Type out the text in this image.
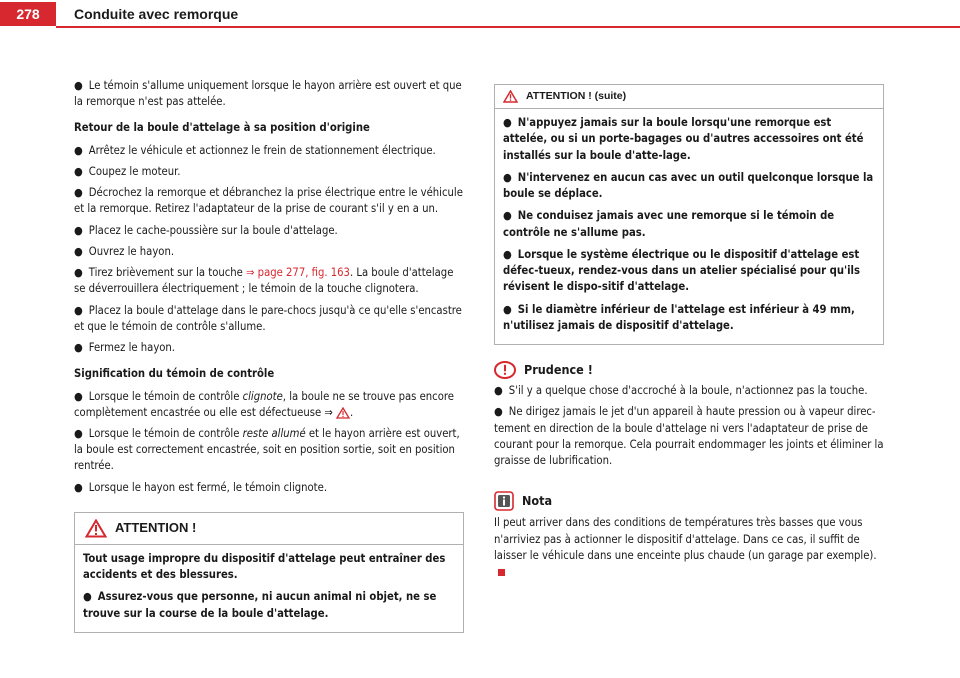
278	Conduite avec remorque
● Le témoin s'allume uniquement lorsque le hayon arrière est ouvert et que la remorque n'est pas attelée.
Retour de la boule d'attelage à sa position d'origine
● Arrêtez le véhicule et actionnez le frein de stationnement électrique.
● Coupez le moteur.
● Décrochez la remorque et débranchez la prise électrique entre le véhicule et la remorque. Retirez l'adaptateur de la prise de courant s'il y en a un.
● Placez le cache-poussière sur la boule d'attelage.
● Ouvrez le hayon.
● Tirez brièvement sur la touche ⇒ page 277, fig. 163. La boule d'attelage se déverrouillera électriquement ; le témoin de la touche clignotera.
● Placez la boule d'attelage dans le pare-chocs jusqu'à ce qu'elle s'encastre et que le témoin de contrôle s'allume.
● Fermez le hayon.
Signification du témoin de contrôle
● Lorsque le témoin de contrôle clignote, la boule ne se trouve pas encore complètement encastrée ou elle est défectueuse ⇒ .
● Lorsque le témoin de contrôle reste allumé et le hayon arrière est ouvert, la boule est correctement encastrée, soit en position sortie, soit en position rentrée.
● Lorsque le hayon est fermé, le témoin clignote.
ATTENTION !

Tout usage impropre du dispositif d'attelage peut entraîner des accidents et des blessures.

● Assurez-vous que personne, ni aucun animal ni objet, ne se trouve sur la course de la boule d'attelage.
ATTENTION ! (suite)
● N'appuyez jamais sur la boule lorsqu'une remorque est attelée, ou si un porte-bagages ou d'autres accessoires ont été installés sur la boule d'atte-lage.
● N'intervenez en aucun cas avec un outil quelconque lorsque la boule se déplace.
● Ne conduisez jamais avec une remorque si le témoin de contrôle ne s'allume pas.
● Lorsque le système électrique ou le dispositif d'attelage est défec-tueux, rendez-vous dans un atelier spécialisé pour qu'ils révisent le dispo-sitif d'attelage.
● Si le diamètre inférieur de l'attelage est inférieur à 49 mm, n'utilisez jamais de dispositif d'attelage.
Prudence !
● S'il y a quelque chose d'accroché à la boule, n'actionnez pas la touche.
● Ne dirigez jamais le jet d'un appareil à haute pression ou à vapeur direc-tement en direction de la boule d'attelage ni vers l'adaptateur de prise de courant pour la remorque. Cela pourrait endommager les joints et éliminer la graisse de lubrification.
Nota

Il peut arriver dans des conditions de températures très basses que vous n'arriviez pas à actionner le dispositif d'attelage. Dans ce cas, il suffit de laisser le véhicule dans une enceinte plus chaude (un garage par exemple).
